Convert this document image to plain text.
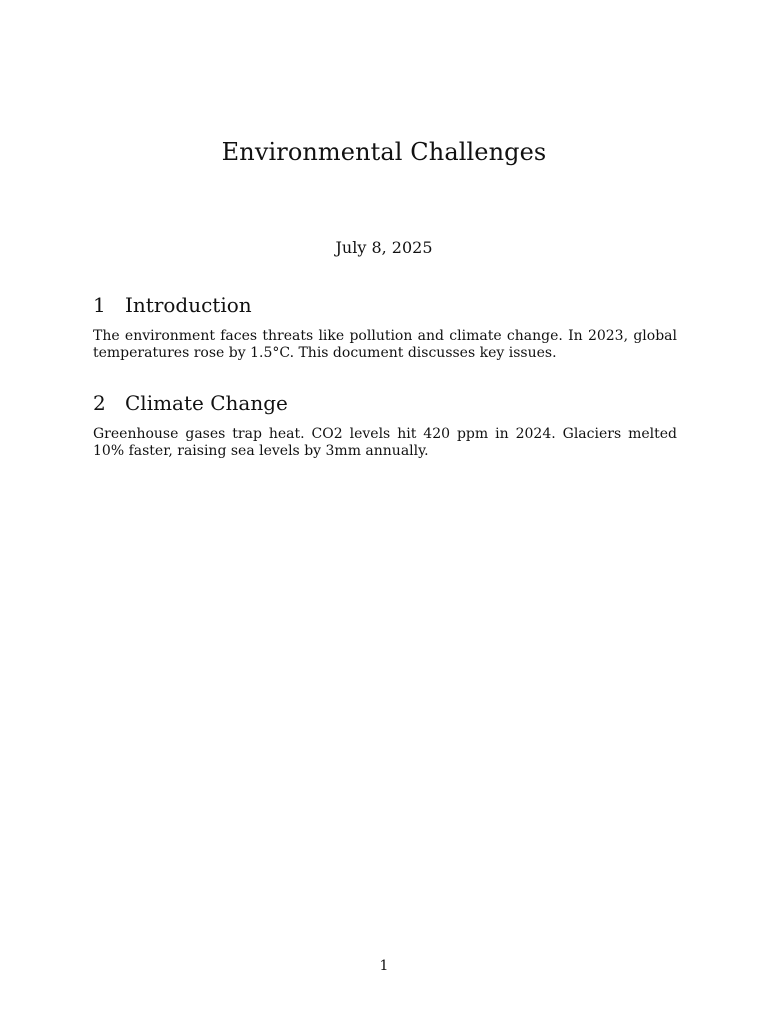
Environmental Challenges
July 8, 2025
1 Introduction

The environment faces threats like pollution and climate change. In 2023, global temperatures rose by 1.5°C. This document discusses key issues.

2 Climate Change

Greenhouse gases trap heat. CO2 levels hit 420 ppm in 2024. Glaciers melted 10% faster, raising sea levels by 3mm annually.

1
